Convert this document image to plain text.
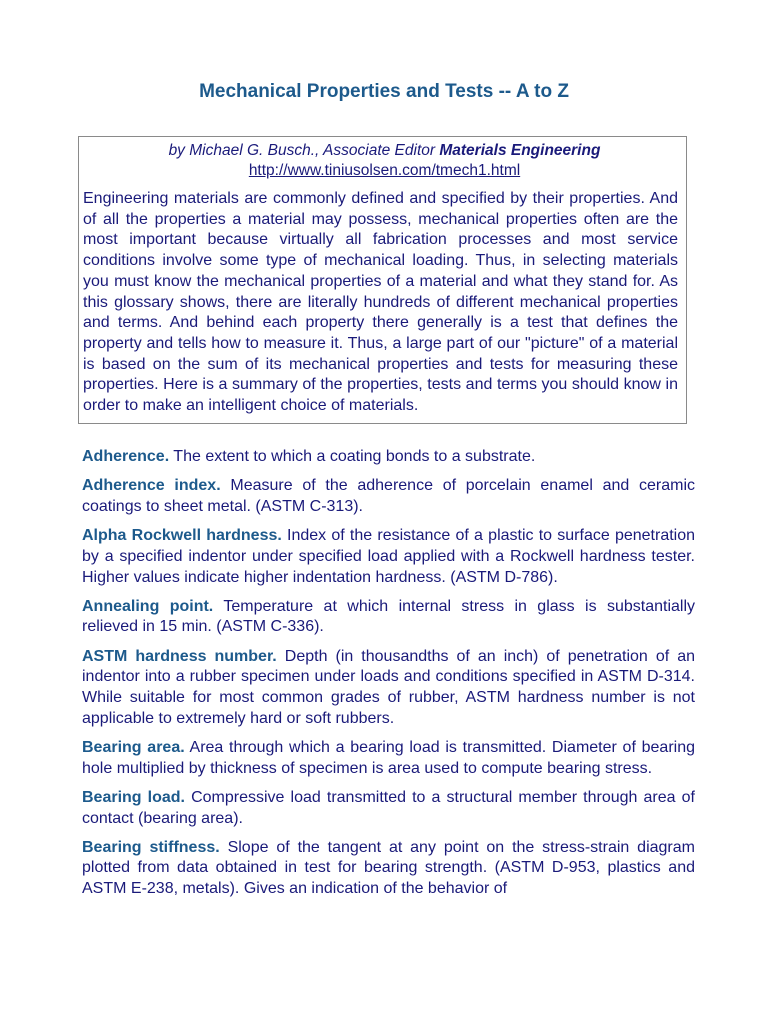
Mechanical Properties and Tests -- A to Z
by Michael G. Busch., Associate Editor Materials Engineering
http://www.tiniusolsen.com/tmech1.html
Engineering materials are commonly defined and specified by their properties. And of all the properties a material may possess, mechanical properties often are the most important because virtually all fabrication processes and most service conditions involve some type of mechanical loading. Thus, in selecting materials you must know the mechanical properties of a material and what they stand for. As this glossary shows, there are literally hundreds of different mechanical properties and terms. And behind each property there generally is a test that defines the property and tells how to measure it. Thus, a large part of our "picture" of a material is based on the sum of its mechanical properties and tests for measuring these properties. Here is a summary of the properties, tests and terms you should know in order to make an intelligent choice of materials.

Adherence. The extent to which a coating bonds to a substrate.

Adherence index. Measure of the adherence of porcelain enamel and ceramic coatings to sheet metal. (ASTM C-313).

Alpha Rockwell hardness. Index of the resistance of a plastic to surface penetration by a specified indentor under specified load applied with a Rockwell hardness tester. Higher values indicate higher indentation hardness. (ASTM D-786).

Annealing point. Temperature at which internal stress in glass is substantially relieved in 15 min. (ASTM C-336).

ASTM hardness number. Depth (in thousandths of an inch) of penetration of an indentor into a rubber specimen under loads and conditions specified in ASTM D-314. While suitable for most common grades of rubber, ASTM hardness number is not applicable to extremely hard or soft rubbers.

Bearing area. Area through which a bearing load is transmitted. Diameter of bearing hole multiplied by thickness of specimen is area used to compute bearing stress.

Bearing load. Compressive load transmitted to a structural member through area of contact (bearing area).

Bearing stiffness. Slope of the tangent at any point on the stress-strain diagram plotted from data obtained in test for bearing strength. (ASTM D-953, plastics and ASTM E-238, metals). Gives an indication of the behavior of
